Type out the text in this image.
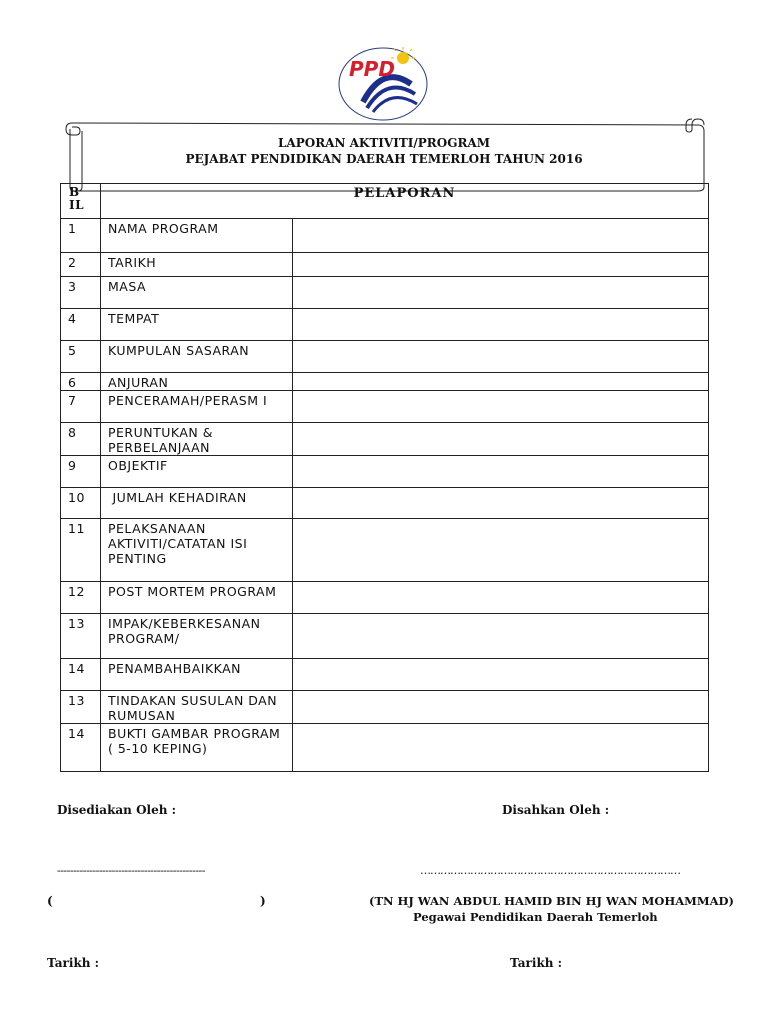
PPD
LAPORAN AKTIVITI/PROGRAM
PEJABAT PENDIDIKAN DAERAH TEMERLOH TAHUN 2016
BIL	PELAPORAN	
1	NAMA PROGRAM	
2	TARIKH	
3	MASA	
4	TEMPAT	
5	KUMPULAN SASARAN	
6	ANJURAN	
7	PENCERAMAH/PERASM I	
8	PERUNTUKAN & PERBELANJAAN	
9	OBJEKTIF	
10	JUMLAH KEHADIRAN	
11	PELAKSANAAN AKTIVITI/CATATAN ISI PENTING	
12	POST MORTEM PROGRAM	
13	IMPAK/KEBERKESANAN PROGRAM/	
14	PENAMBAHBAIKKAN	
13	TINDAKAN SUSULAN DAN RUMUSAN	
14	BUKTI GAMBAR PROGRAM ( 5-10 KEPING)	
Disediakan Oleh :	Disahkan Oleh :
----------------------------------------------	……………………………………………………………………
(	)	(TN HJ WAN ABDUL HAMID BIN HJ WAN MOHAMMAD)
Pegawai Pendidikan Daerah Temerloh
Tarikh :	Tarikh :
